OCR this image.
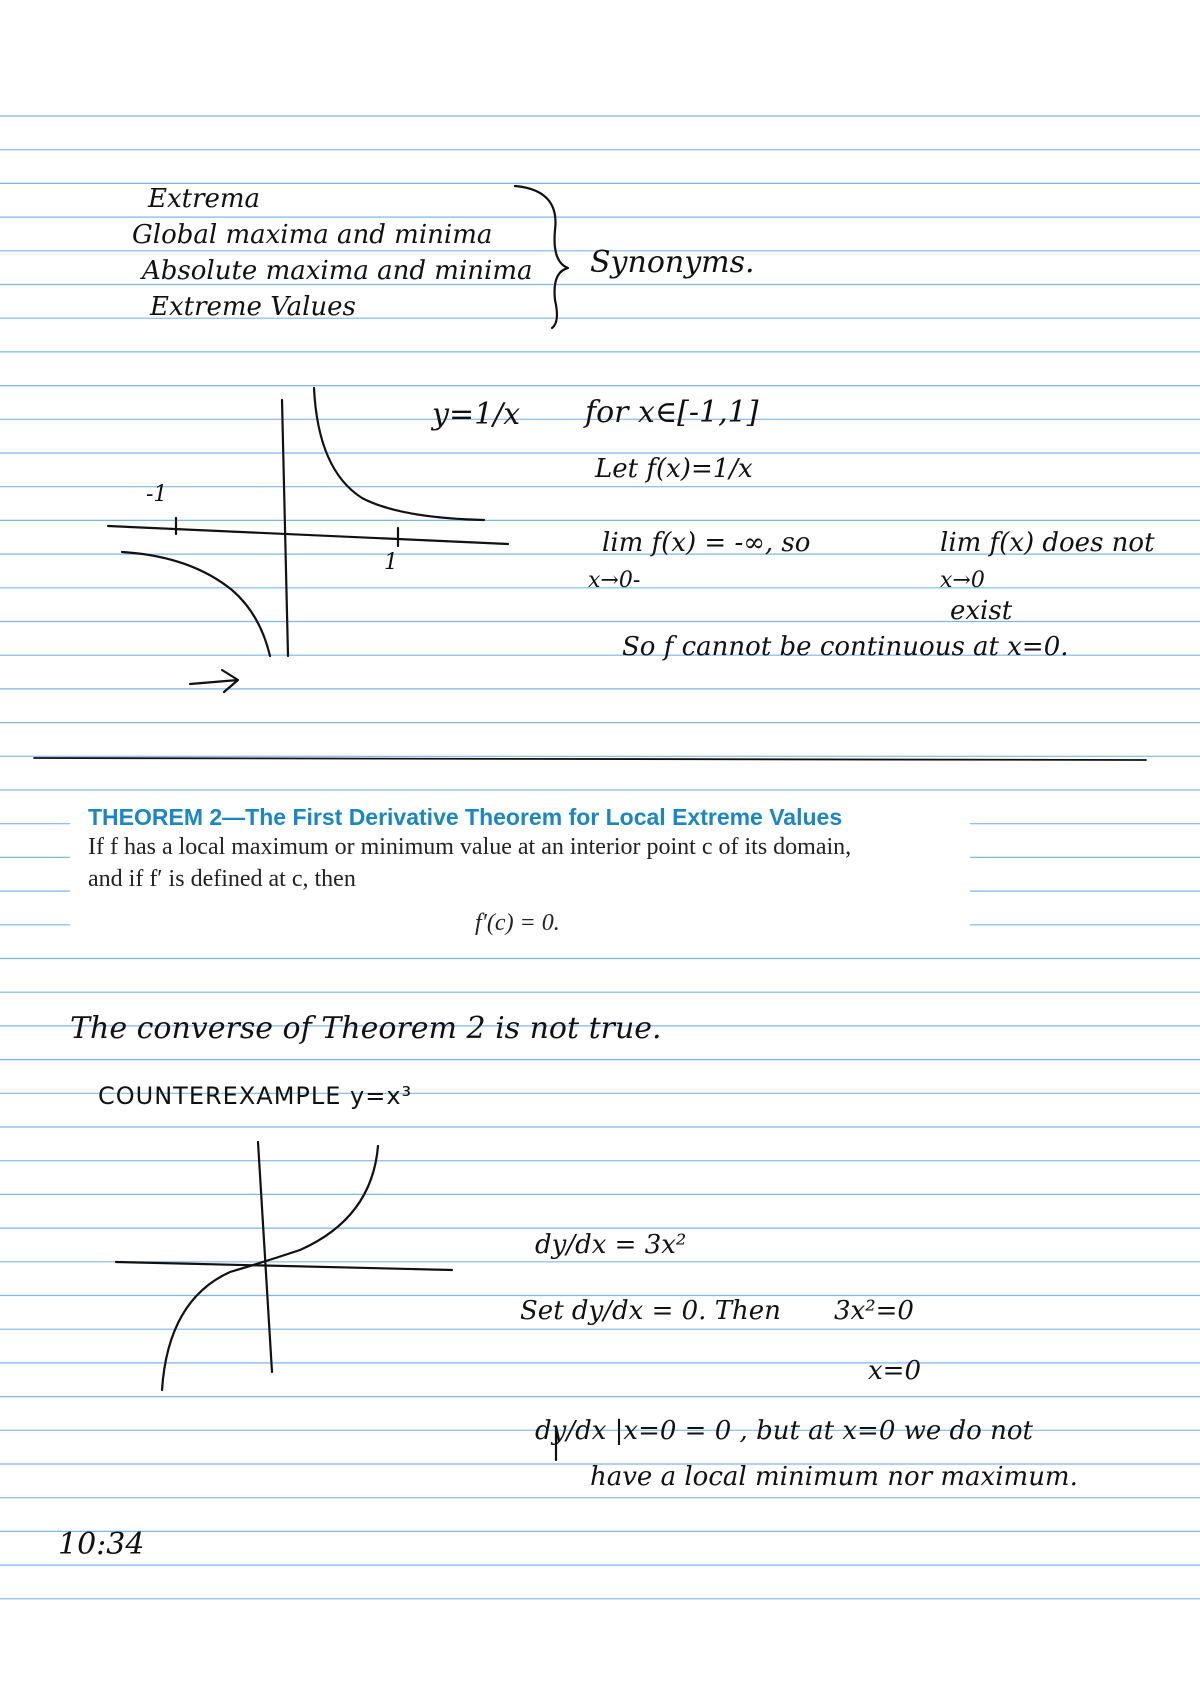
Extrema
Global maxima and minima
Absolute maxima and minima
Extreme Values
Synonyms.
y=1/x
-1
1
for x∈[-1,1]
Let f(x)=1/x
lim f(x) = -∞, so
x→0-
lim f(x) does not
x→0
exist
So f cannot be continuous at x=0.
THEOREM 2—The First Derivative Theorem for Local Extreme Values
If f has a local maximum or minimum value at an interior point c of its domain,
and if f′ is defined at c, then
f′(c) = 0.
The converse of Theorem 2 is not true.
COUNTEREXAMPLE y=x³
dy/dx = 3x²
Set dy/dx = 0. Then 3x²=0
x=0
dy/dx |x=0 = 0 , but at x=0 we do not
have a local minimum nor maximum.
10:34
